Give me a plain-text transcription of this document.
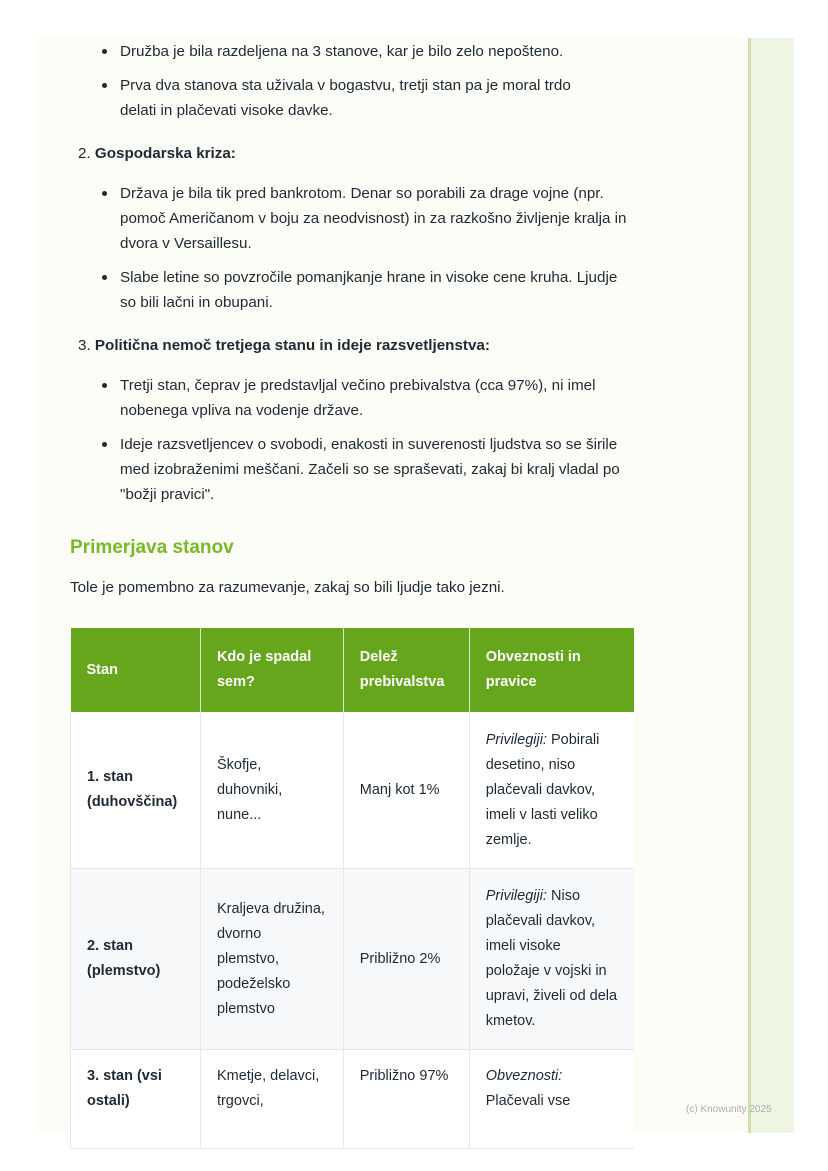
Družba je bila razdeljena na 3 stanove, kar je bilo zelo nepošteno.
Prva dva stanova sta uživala v bogastvu, tretji stan pa je moral trdo delati in plačevati visoke davke.
2. Gospodarska kriza:
Država je bila tik pred bankrotom. Denar so porabili za drage vojne (npr. pomoč Američanom v boju za neodvisnost) in za razkošno življenje kralja in dvora v Versaillesu.
Slabe letine so povzročile pomanjkanje hrane in visoke cene kruha. Ljudje so bili lačni in obupani.
3. Politična nemoč tretjega stanu in ideje razsvetljenstva:
Tretji stan, čeprav je predstavljal večino prebivalstva (cca 97%), ni imel nobenega vpliva na vodenje države.
Ideje razsvetljencev o svobodi, enakosti in suverenosti ljudstva so se širile med izobraženimi meščani. Začeli so se spraševati, zakaj bi kralj vladal po "božji pravici".
Primerjava stanov
Tole je pomembno za razumevanje, zakaj so bili ljudje tako jezni.
Stan	Kdo je spadal sem?	Delež prebivalstva	Obveznosti in pravice
1. stan (duhovščina)	Škofje, duhovniki, nune...	Manj kot 1%	Privilegiji: Pobirali desetino, niso plačevali davkov, imeli v lasti veliko zemlje.
2. stan (plemstvo)	Kraljeva družina, dvorno plemstvo, podeželsko plemstvo	Približno 2%	Privilegiji: Niso plačevali davkov, imeli visoke položaje v vojski in upravi, živeli od dela kmetov.
3. stan (vsi ostali)	Kmetje, delavci, trgovci,	Približno 97%	Obveznosti: Plačevali vse
(c) Knowunity 2025
